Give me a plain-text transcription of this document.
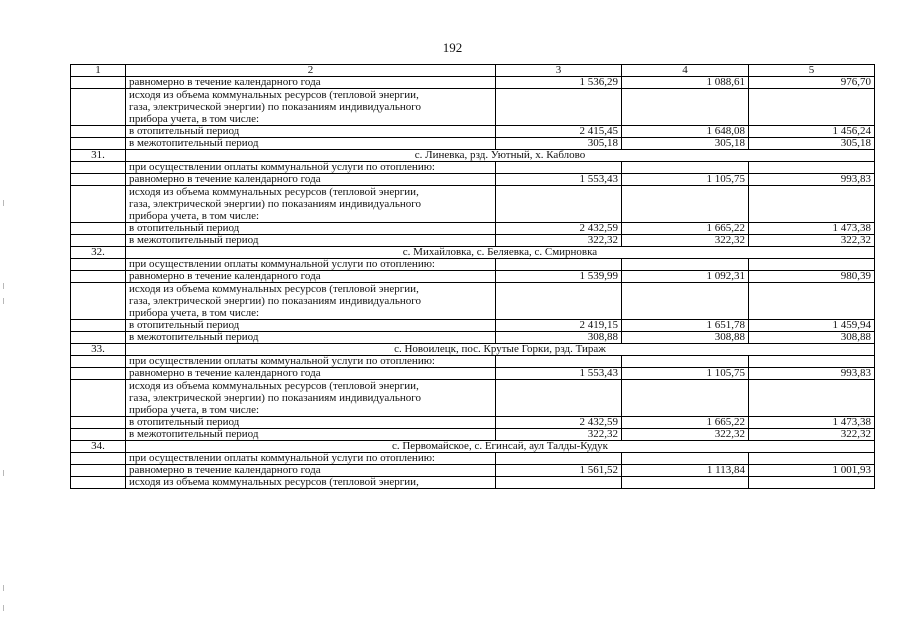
192
1	2	3	4	5
	равномерно в течение календарного года	1 536,29	1 088,61	976,70

	исходя из объема коммунальных ресурсов (тепловой энергии,
газа, электрической энергии) по показаниям индивидуального
прибора учета, в том числе:			

	в отопительный период	2 415,45	1 648,08	1 456,24
	в межотопительный период	305,18	305,18	305,18
31.	с. Линевка, рзд. Уютный, х. Каблово			
	при осуществлении оплаты коммунальной услуги по отоплению:			
	равномерно в течение календарного года	1 553,43	1 105,75	993,83

	исходя из объема коммунальных ресурсов (тепловой энергии,
газа, электрической энергии) по показаниям индивидуального
прибора учета, в том числе:			

	в отопительный период	2 432,59	1 665,22	1 473,38
	в межотопительный период	322,32	322,32	322,32
32.	с. Михайловка, с. Беляевка, с. Смирновка			
	при осуществлении оплаты коммунальной услуги по отоплению:			
	равномерно в течение календарного года	1 539,99	1 092,31	980,39

	исходя из объема коммунальных ресурсов (тепловой энергии,
газа, электрической энергии) по показаниям индивидуального
прибора учета, в том числе:			

	в отопительный период	2 419,15	1 651,78	1 459,94
	в межотопительный период	308,88	308,88	308,88
33.	с. Новоилецк, пос. Крутые Горки, рзд. Тираж			
	при осуществлении оплаты коммунальной услуги по отоплению:			
	равномерно в течение календарного года	1 553,43	1 105,75	993,83

	исходя из объема коммунальных ресурсов (тепловой энергии,
газа, электрической энергии) по показаниям индивидуального
прибора учета, в том числе:			

	в отопительный период	2 432,59	1 665,22	1 473,38
	в межотопительный период	322,32	322,32	322,32
34.	с. Первомайское, с. Егинсай, аул Талды-Кудук			
	при осуществлении оплаты коммунальной услуги по отоплению:			
	равномерно в течение календарного года	1 561,52	1 113,84	1 001,93
	исходя из объема коммунальных ресурсов (тепловой энергии,			
